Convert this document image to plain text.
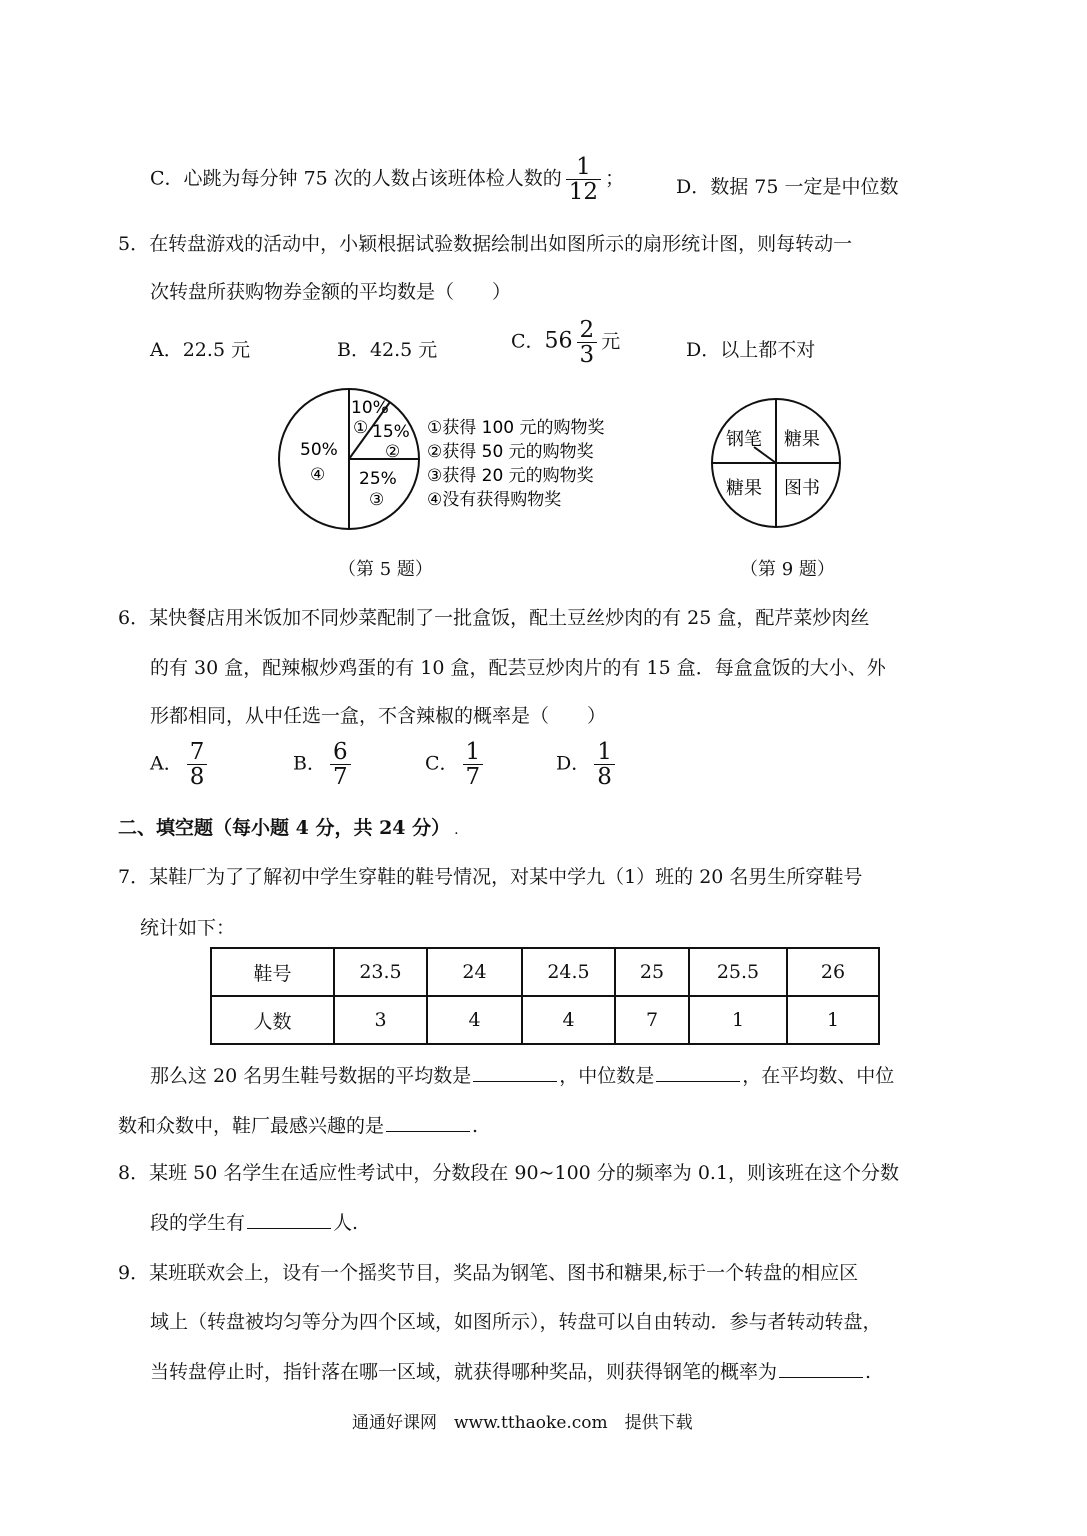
C．心跳为每分钟 75 次的人数占该班体检人数的 $\frac{1}{12}$ ；	D．数据 75 一定是中位数
5．在转盘游戏的活动中，小颖根据试验数据绘制出如图所示的扇形统计图，则每转动一
次转盘所获购物券金额的平均数是（　　）
A．22.5 元	B．42.5 元	C．$56 \frac{2}{3}$ 元	D．以上都不对
10%
① 15%
②
50%
④ 25%
③
①获得 100 元的购物奖
②获得 50 元的购物奖
③获得 20 元的购物奖
④没有获得购物奖
（第 5 题）
钢笔 糖果
糖果 图书
（第 9 题）
6．某快餐店用米饭加不同炒菜配制了一批盒饭，配土豆丝炒肉的有 25 盒，配芹菜炒肉丝
的有 30 盒，配辣椒炒鸡蛋的有 10 盒，配芸豆炒肉片的有 15 盒．每盒盒饭的大小、外
形都相同，从中任选一盒，不含辣椒的概率是（　　）
A． $\frac{7}{8}$	B． $\frac{6}{7}$	C． $\frac{1}{7}$	D． $\frac{1}{8}$
二、填空题（每小题 4 分，共 24 分） .
7．某鞋厂为了了解初中学生穿鞋的鞋号情况，对某中学九（1）班的 20 名男生所穿鞋号
统计如下：
鞋号	23.5	24	24.5	25	25.5	26
人数	3	4	4	7	1	1
那么这 20 名男生鞋号数据的平均数是	，中位数是	，在平均数、中位
数和众数中，鞋厂最感兴趣的是	.
8．某班 50 名学生在适应性考试中，分数段在 90~100 分的频率为 0.1，则该班在这个分数
段的学生有	人.
9．某班联欢会上，设有一个摇奖节目，奖品为钢笔、图书和糖果,标于一个转盘的相应区
域上（转盘被均匀等分为四个区域，如图所示），转盘可以自由转动．参与者转动转盘，
当转盘停止时，指针落在哪一区域，就获得哪种奖品，则获得钢笔的概率为	.
通通好课网　www.tthaoke.com　提供下载
